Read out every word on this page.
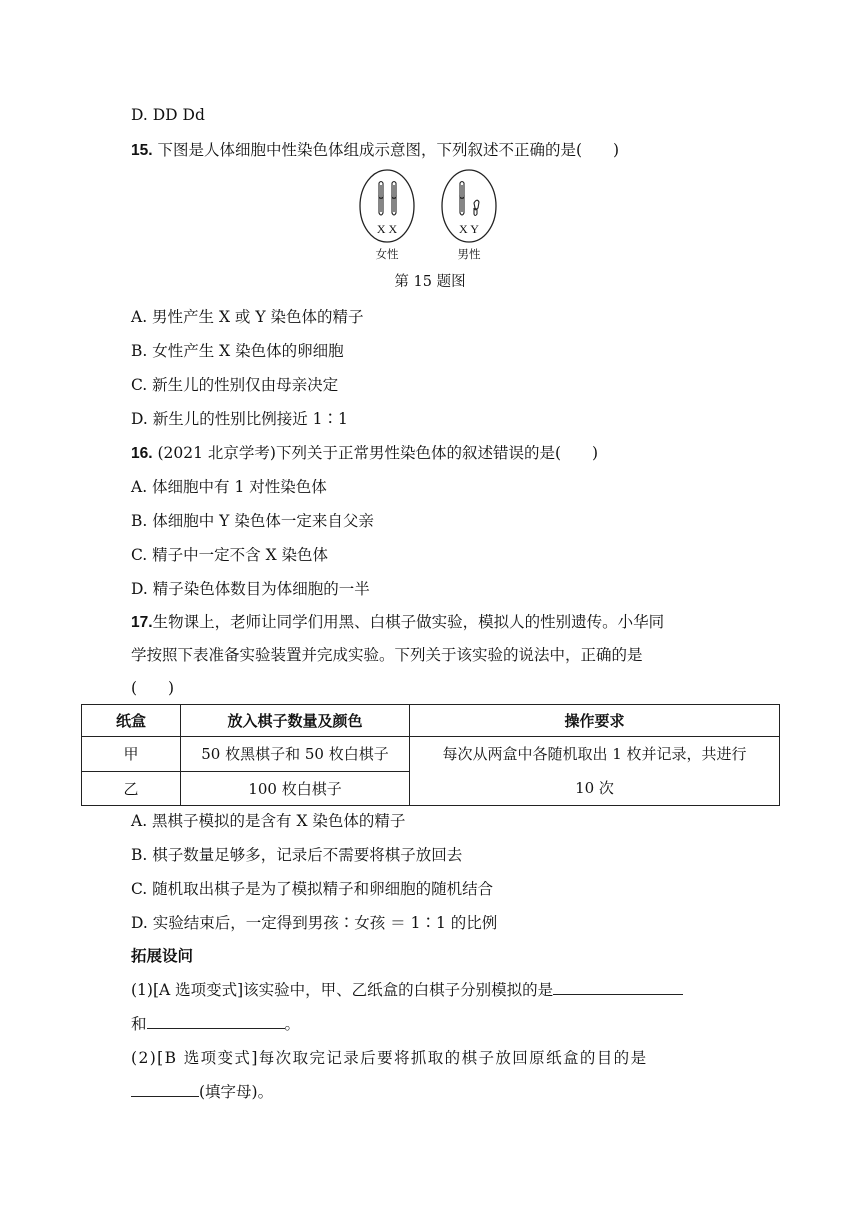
D. DD Dd
15. 下图是人体细胞中性染色体组成示意图，下列叙述不正确的是(　　)
X X	X Y
女性	男性
第 15 题图
A. 男性产生 X 或 Y 染色体的精子
B. 女性产生 X 染色体的卵细胞
C. 新生儿的性别仅由母亲决定
D. 新生儿的性别比例接近 1∶1
16. (2021 北京学考)下列关于正常男性染色体的叙述错误的是(　　)
A. 体细胞中有 1 对性染色体
B. 体细胞中 Y 染色体一定来自父亲
C. 精子中一定不含 X 染色体
D. 精子染色体数目为体细胞的一半
17.生物课上，老师让同学们用黑、白棋子做实验，模拟人的性别遗传。小华同
学按照下表准备实验装置并完成实验。下列关于该实验的说法中，正确的是
(　　)
纸盒	放入棋子数量及颜色	操作要求
甲	50 枚黑棋子和 50 枚白棋子	每次从两盒中各随机取出 1 枚并记录，共进行
10 次

乙	100 枚白棋子	
A. 黑棋子模拟的是含有 X 染色体的精子
B. 棋子数量足够多，记录后不需要将棋子放回去
C. 随机取出棋子是为了模拟精子和卵细胞的随机结合
D. 实验结束后，一定得到男孩∶女孩 ＝ 1∶1 的比例
拓展设问
(1)[A 选项变式]该实验中，甲、乙纸盒的白棋子分别模拟的是
和	。
(2)[B 选项变式]每次取完记录后要将抓取的棋子放回原纸盒的目的是
(填字母)。
